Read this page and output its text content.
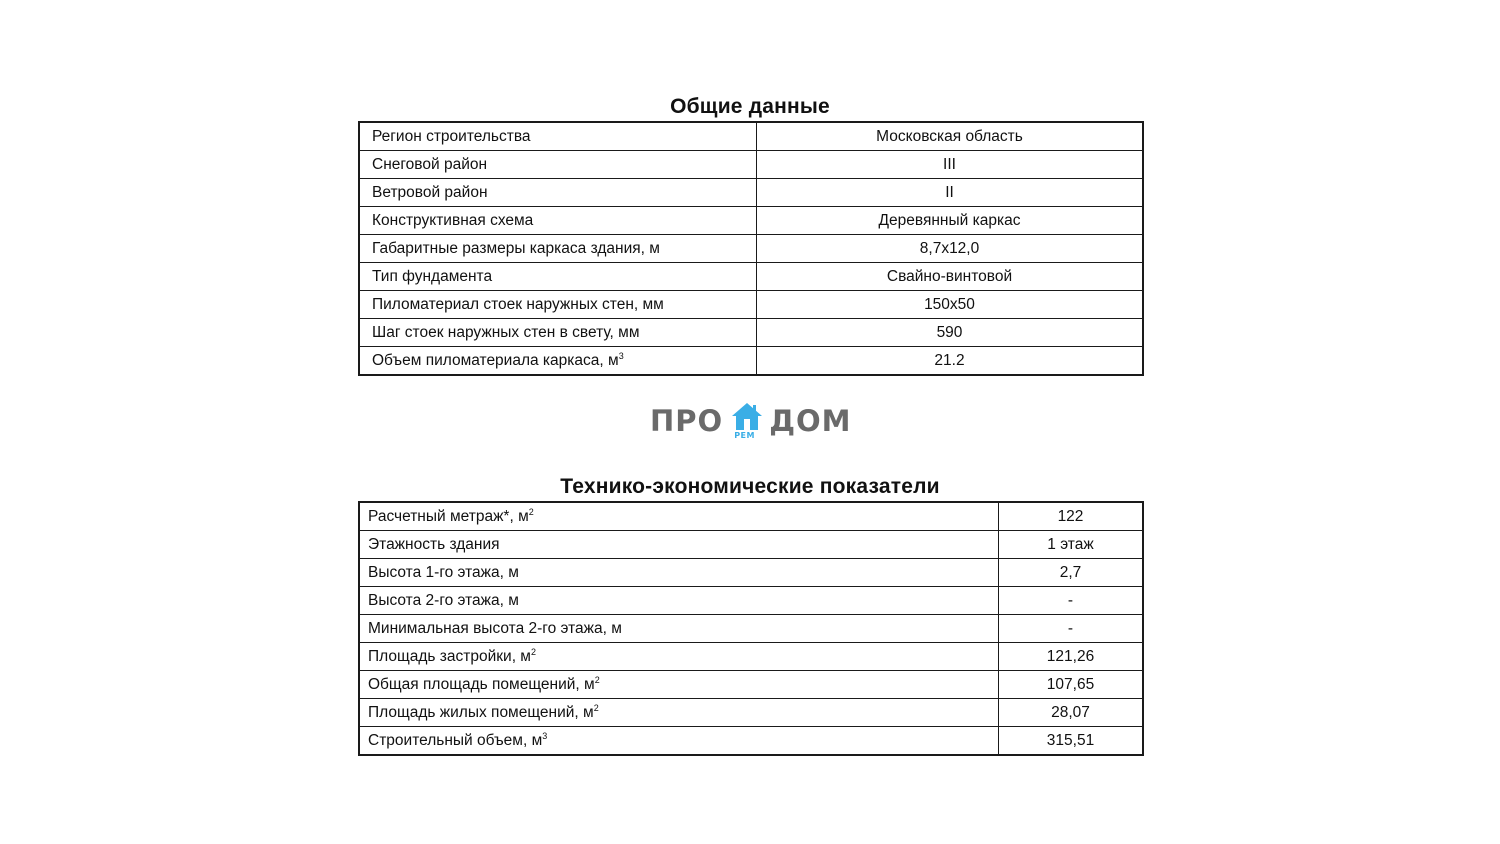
Общие данные
Регион строительства	Московская область
Снеговой район	III
Ветровой район	II
Конструктивная схема	Деревянный каркас
Габаритные размеры каркаса здания, м	8,7х12,0
Тип фундамента	Свайно-винтовой
Пиломатериал стоек наружных стен, мм	150х50
Шаг стоек наружных стен в свету, мм	590
Объем пиломатериала каркаса, $м^3$	21.2
ПРО РЕМ ДОМ
Технико-экономические показатели
Расчетный метраж*, $м^2$	122
Этажность здания	1 этаж
Высота 1-го этажа, м	2,7
Высота 2-го этажа, м	-
Минимальная высота 2-го этажа, м	-
Площадь застройки, $м^2$	121,26
Общая площадь помещений, $м^2$	107,65
Площадь жилых помещений, $м^2$	28,07
Строительный объем, $м^3$	315,51
